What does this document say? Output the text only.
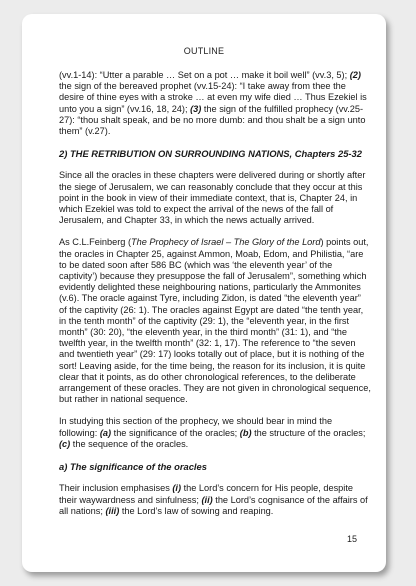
OUTLINE

(vv.1-14): “Utter a parable … Set on a pot … make it boil well” (vv.3, 5); (2) the sign of the bereaved prophet (vv.15-24): “I take away from thee the desire of thine eyes with a stroke … at even my wife died … Thus Ezekiel is unto you a sign” (vv.16, 18, 24); (3) the sign of the fulfilled prophecy (vv.25-27): “thou shalt speak, and be no more dumb: and thou shalt be a sign unto them” (v.27).

2) THE RETRIBUTION ON SURROUNDING NATIONS, Chapters 25-32

Since all the oracles in these chapters were delivered during or shortly after the siege of Jerusalem, we can reasonably conclude that they occur at this point in the book in view of their immediate context, that is, Chapter 24, in which Ezekiel was told to expect the arrival of the news of the fall of Jerusalem, and Chapter 33, in which the news actually arrived.

As C.L.Feinberg (The Prophecy of Israel – The Glory of the Lord) points out, the oracles in Chapter 25, against Ammon, Moab, Edom, and Philistia, “are to be dated soon after 586 BC (which was ‘the eleventh year’ of the captivity’) because they presuppose the fall of Jerusalem”, something which evidently delighted these neighbouring nations, particularly the Ammonites (v.6). The oracle against Tyre, including Zidon, is dated “the eleventh year” of the captivity (26: 1). The oracles against Egypt are dated “the tenth year, in the tenth month” of the captivity (29: 1), the “eleventh year, in the first month” (30: 20), “the eleventh year, in the third month” (31: 1), and “the twelfth year, in the twelfth month” (32: 1, 17). The reference to “the seven and twentieth year” (29: 17) looks totally out of place, but it is nothing of the sort! Leaving aside, for the time being, the reason for its inclusion, it is quite clear that it points, as do other chronological references, to the deliberate arrangement of these oracles. They are not given in chronological sequence, but rather in national sequence.

In studying this section of the prophecy, we should bear in mind the following: (a) the significance of the oracles; (b) the structure of the oracles; (c) the sequence of the oracles.

a) The significance of the oracles

Their inclusion emphasises (i) the Lord’s concern for His people, despite their waywardness and sinfulness; (ii) the Lord’s cognisance of the affairs of all nations; (iii) the Lord’s law of sowing and reaping.

15
